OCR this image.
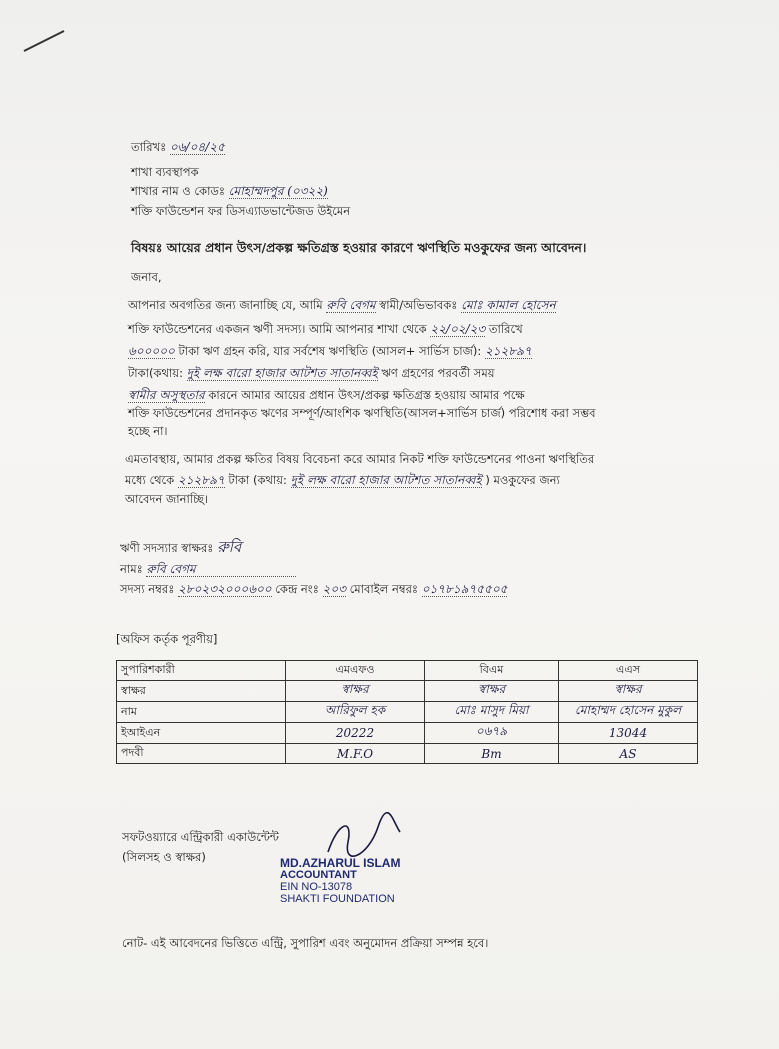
তারিখঃ ০৬/০৪/২৫
শাখা ব্যবস্থাপক
শাখার নাম ও কোডঃ মোহাম্মদপুর (০৩২২)
শক্তি ফাউন্ডেশন ফর ডিসএ্যাডভান্টেজড উইমেন
বিষয়ঃ আয়ের প্রধান উৎস/প্রকল্প ক্ষতিগ্রস্ত হওয়ার কারণে ঋণস্থিতি মওকুফের জন্য আবেদন।
জনাব,
আপনার অবগতির জন্য জানাচ্ছি যে, আমি রুবি বেগম স্বামী/অভিভাবকঃ মোঃ কামাল হোসেন
শক্তি ফাউন্ডেশনের একজন ঋণী সদস্য। আমি আপনার শাখা থেকে ২২/০২/২৩ তারিখে
৬০০০০০ টাকা ঋণ গ্রহন করি, যার সর্বশেষ ঋণস্থিতি (আসল+ সার্ভিস চার্জ): ২১২৮৯৭
টাকা(কথায়: দুই লক্ষ বারো হাজার আটশত সাতানব্বই ঋণ গ্রহণের পরবর্তী সময়
স্বামীর অসুস্থতার কারনে আমার আয়ের প্রধান উৎস/প্রকল্প ক্ষতিগ্রস্ত হওয়ায় আমার পক্ষে
শক্তি ফাউন্ডেশনের প্রদানকৃত ঋণের সম্পূর্ণ/আংশিক ঋণস্থিতি(আসল+সার্ভিস চার্জ) পরিশোধ করা সম্ভব
হচ্ছে না।
এমতাবস্থায়, আমার প্রকল্প ক্ষতির বিষয় বিবেচনা করে আমার নিকট শক্তি ফাউন্ডেশনের পাওনা ঋণস্থিতির
মধ্যে থেকে ২১২৮৯৭ টাকা (কথায়: দুই লক্ষ বারো হাজার আটশত সাতানব্বই ) মওকুফের জন্য
আবেদন জানাচ্ছি।
ঋণী সদস্যার স্বাক্ষরঃ রুবি
নামঃ রুবি বেগম
সদস্য নম্বরঃ ২৮০২৩২০০০৬০০ কেন্দ্র নংঃ ২০৩ মোবাইল নম্বরঃ ০১৭৮১৯৭৫৫০৫
[অফিস কর্তৃক পূরণীয়]
সুপারিশকারী	এমএফও	বিএম	এএস
স্বাক্ষর	স্বাক্ষর	স্বাক্ষর	স্বাক্ষর
নাম	আরিফুল হক	মোঃ মাসুদ মিয়া	মোহাম্মদ হোসেন মুকুল
ইআইএন	20222	০৬৭৯	13044
পদবী	M.F.O	Bm	AS
সফটওয়্যারে এন্ট্রিকারী একাউন্টেন্ট
(সিলসহ ও স্বাক্ষর)	MD.AZHARUL ISLAM
ACCOUNTANT
EIN NO-13078
SHAKTI FOUNDATION
নোট- এই আবেদনের ভিত্তিতে এন্ট্রি, সুপারিশ এবং অনুমোদন প্রক্রিয়া সম্পন্ন হবে।
